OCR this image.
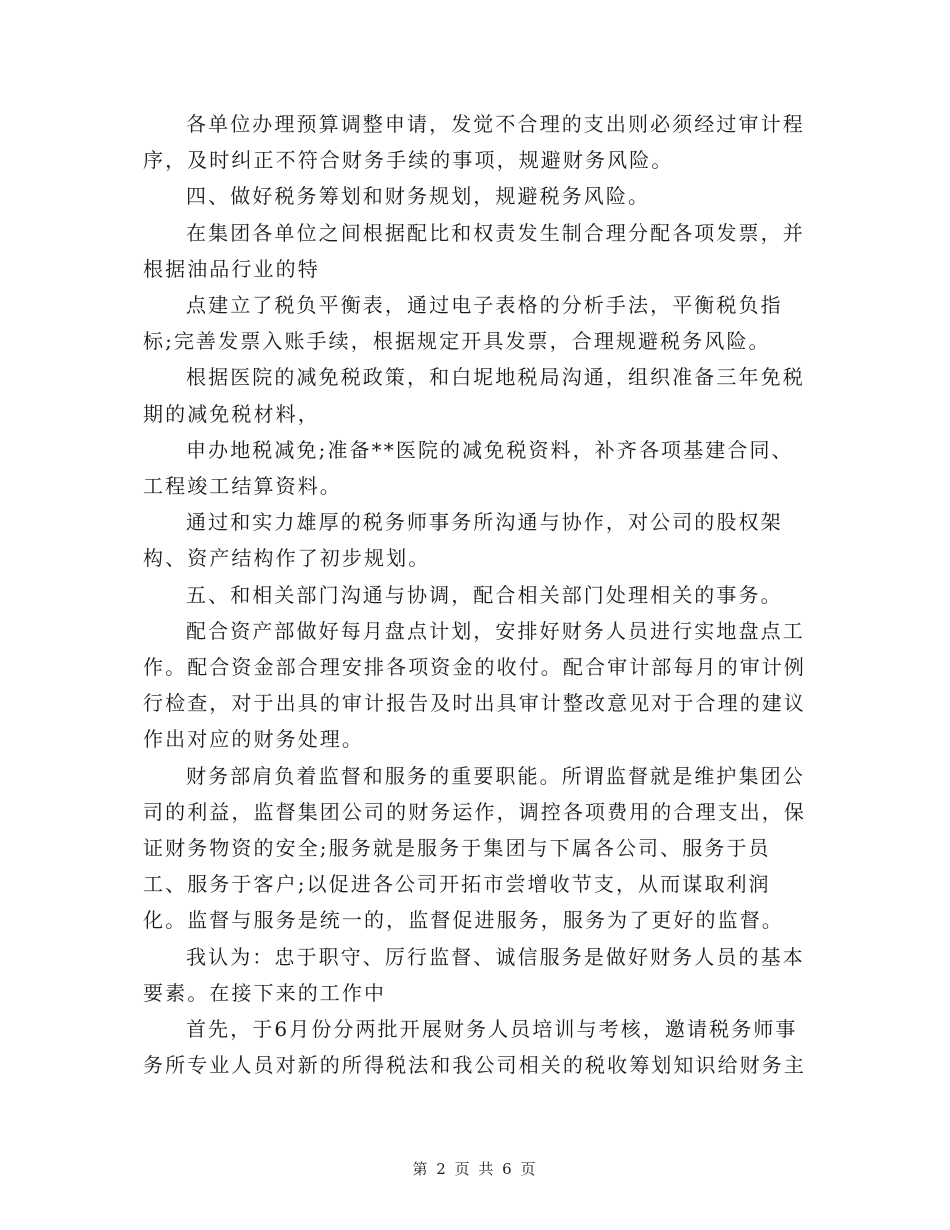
各单位办理预算调整申请，发觉不合理的支出则必须经过审计程序，及时纠正不符合财务手续的事项，规避财务风险。

四、做好税务筹划和财务规划，规避税务风险。

在集团各单位之间根据配比和权责发生制合理分配各项发票，并根据油品行业的特

点建立了税负平衡表，通过电子表格的分析手法，平衡税负指标;完善发票入账手续，根据规定开具发票，合理规避税务风险。

根据医院的减免税政策，和白坭地税局沟通，组织准备三年免税期的减免税材料，

申办地税减免;准备**医院的减免税资料，补齐各项基建合同、工程竣工结算资料。

通过和实力雄厚的税务师事务所沟通与协作，对公司的股权架构、资产结构作了初步规划。

五、和相关部门沟通与协调，配合相关部门处理相关的事务。

配合资产部做好每月盘点计划，安排好财务人员进行实地盘点工作。配合资金部合理安排各项资金的收付。配合审计部每月的审计例行检查，对于出具的审计报告及时出具审计整改意见对于合理的建议作出对应的财务处理。

财务部肩负着监督和服务的重要职能。所谓监督就是维护集团公司的利益，监督集团公司的财务运作，调控各项费用的合理支出，保证财务物资的安全;服务就是服务于集团与下属各公司、服务于员工、服务于客户;以促进各公司开拓市尝增收节支，从而谋取利润化。监督与服务是统一的，监督促进服务，服务为了更好的监督。

我认为：忠于职守、厉行监督、诚信服务是做好财务人员的基本要素。在接下来的工作中

首先，于6月份分两批开展财务人员培训与考核，邀请税务师事务所专业人员对新的所得税法和我公司相关的税收筹划知识给财务主

第 2 页 共 6 页
